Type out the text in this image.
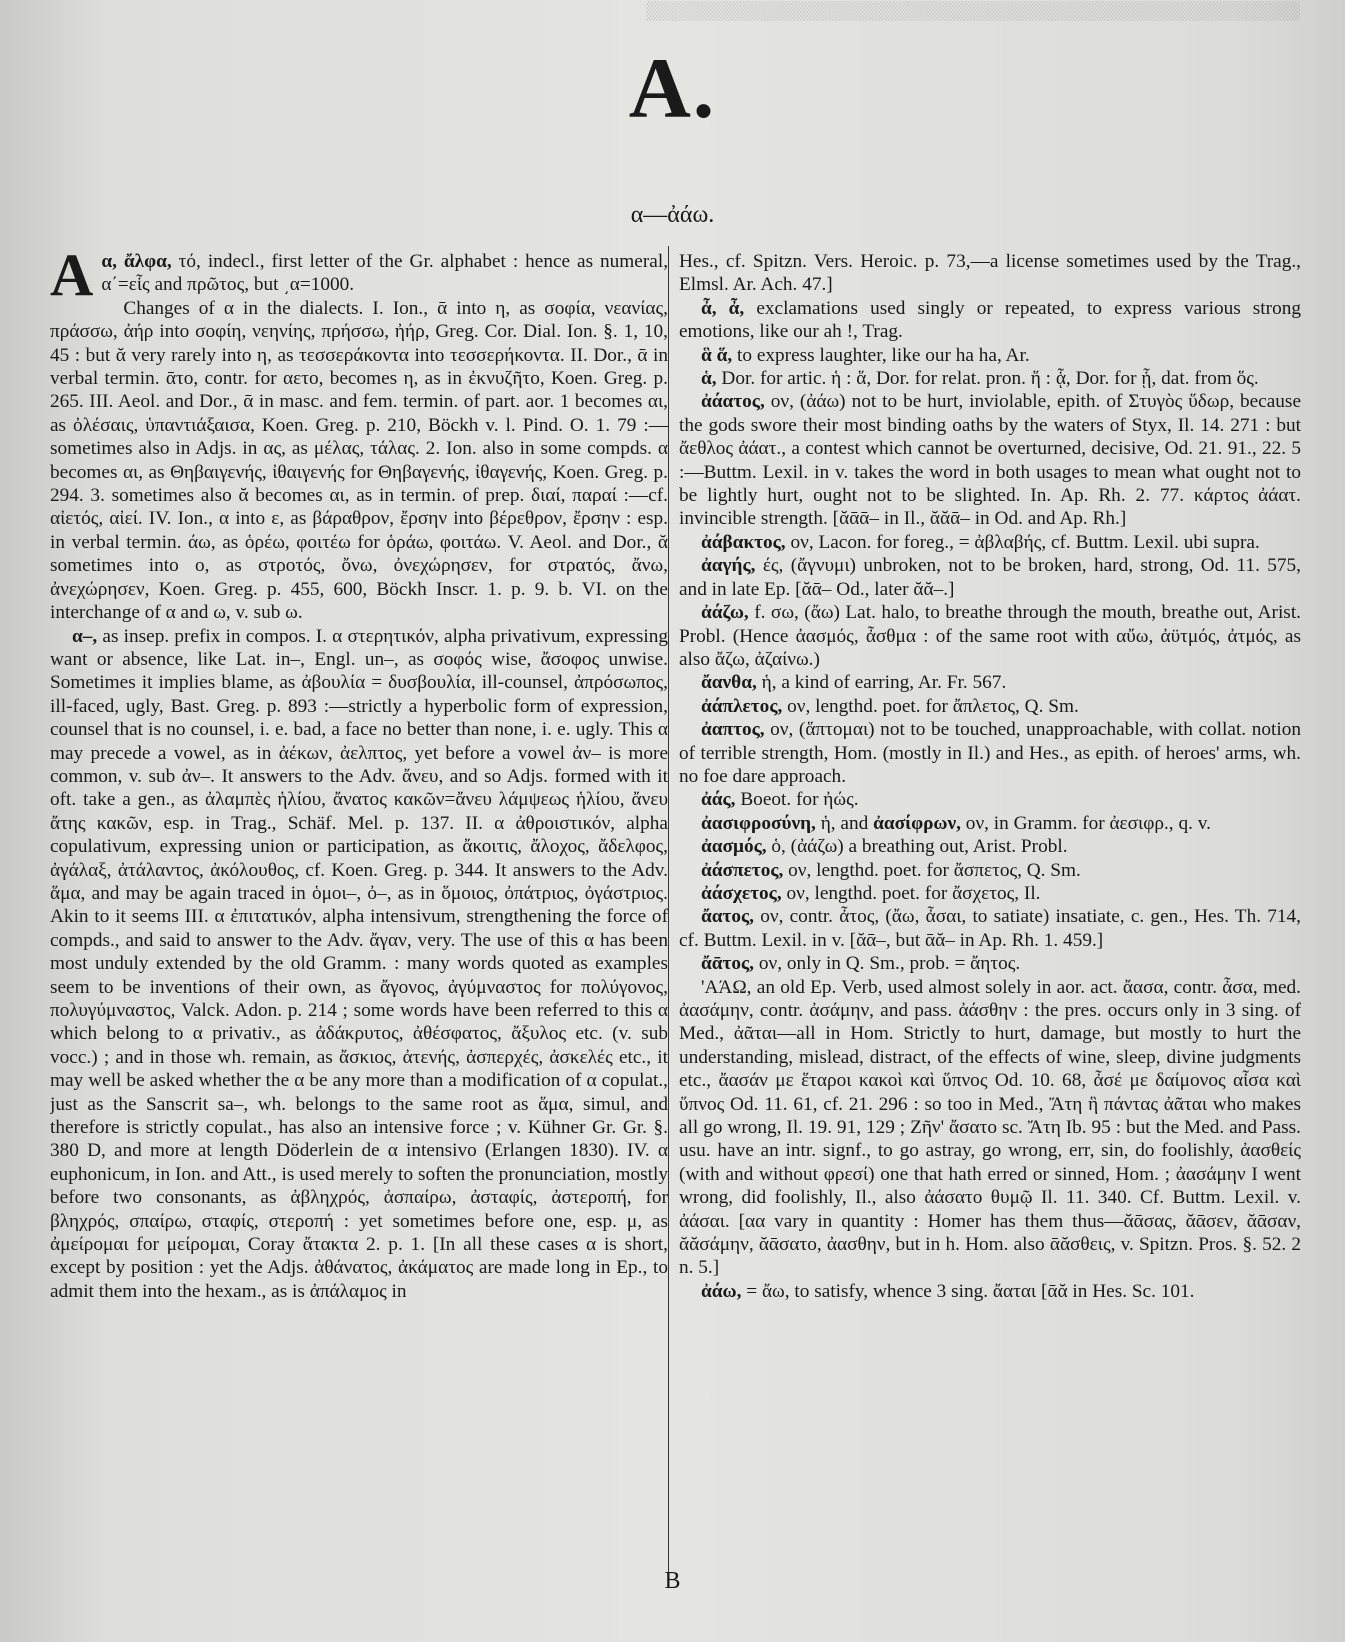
▒▒▒▒▒▒▒▒▒▒▒▒▒▒▒▒▒▒▒▒▒▒▒▒▒▒▒▒▒▒▒▒▒▒▒▒▒▒▒▒▒▒▒▒▒▒▒▒▒▒
A.
α—ἀάω.

A α, ἄλφα, τό, indecl., first letter of the Gr. alphabet : hence as numeral, α΄=εἷς and πρῶτος, but ͵α=1000.

Changes of α in the dialects. I. Ion., ᾱ into η, as σοφία, νεανίας, πράσσω, ἀήρ into σοφίη, νεηνίης, πρήσσω, ἠήρ, Greg. Cor. Dial. Ion. §. 1, 10, 45 : but ᾰ very rarely into η, as τεσσεράκοντα into τεσσερήκοντα. II. Dor., ᾱ in verbal termin. ᾱτο, contr. for αετο, becomes η, as in ἐκνυζῆτο, Koen. Greg. p. 265. III. Aeol. and Dor., ᾱ in masc. and fem. termin. of part. aor. 1 becomes αι, as ὀλέσαις, ὑπαντιάξαισα, Koen. Greg. p. 210, Böckh v. l. Pind. O. 1. 79 :—sometimes also in Adjs. in ας, as μέλας, τάλας. 2. Ion. also in some compds. α becomes αι, as Θηβαιγενής, ἰθαιγενής for Θηβαγενής, ἰθαγενής, Koen. Greg. p. 294. 3. sometimes also ᾰ becomes αι, as in termin. of prep. διαί, παραί :—cf. αἰετός, αἰεί. IV. Ion., α into ε, as βάραθρον, ἔρσην into βέρεθρον, ἔρσην : esp. in verbal termin. άω, as ὁρέω, φοιτέω for ὁράω, φοιτάω. V. Aeol. and Dor., ᾰ sometimes into ο, as στροτός, ὄνω, ὀνεχώρησεν, for στρατός, ἄνω, ἀνεχώρησεν, Koen. Greg. p. 455, 600, Böckh Inscr. 1. p. 9. b. VI. on the interchange of α and ω, v. sub ω.

α–, as insep. prefix in compos. I. α στερητικόν, alpha privativum, expressing want or absence, like Lat. in–, Engl. un–, as σοφός wise, ἄσοφος unwise. Sometimes it implies blame, as ἀβουλία = δυσβουλία, ill-counsel, ἀπρόσωπος, ill-faced, ugly, Bast. Greg. p. 893 :—strictly a hyperbolic form of expression, counsel that is no counsel, i. e. bad, a face no better than none, i. e. ugly. This α may precede a vowel, as in ἀέκων, ἀελπτος, yet before a vowel ἀν– is more common, v. sub ἀν–. It answers to the Adv. ἄνευ, and so Adjs. formed with it oft. take a gen., as ἀλαμπὲς ἡλίου, ἄνατος κακῶν=ἄνευ λάμψεως ἡλίου, ἄνευ ἄτης κακῶν, esp. in Trag., Schäf. Mel. p. 137. II. α ἀθροιστικόν, alpha copulativum, expressing union or participation, as ἄκοιτις, ἄλοχος, ἄδελφος, ἀγάλαξ, ἀτάλαντος, ἀκόλουθος, cf. Koen. Greg. p. 344. It answers to the Adv. ἅμα, and may be again traced in ὁμοι–, ὀ–, as in ὅμοιος, ὀπάτριος, ὀγάστριος. Akin to it seems III. α ἐπιτατικόν, alpha intensivum, strengthening the force of compds., and said to answer to the Adv. ἄγαν, very. The use of this α has been most unduly extended by the old Gramm. : many words quoted as examples seem to be inventions of their own, as ἄγονος, ἀγύμναστος for πολύγονος, πολυγύμναστος, Valck. Adon. p. 214 ; some words have been referred to this α which belong to α privativ., as ἀδάκρυτος, ἀθέσφατος, ἄξυλος etc. (v. sub vocc.) ; and in those wh. remain, as ἄσκιος, ἀτενής, ἀσπερχές, ἀσκελές etc., it may well be asked whether the α be any more than a modification of α copulat., just as the Sanscrit sa–, wh. belongs to the same root as ἅμα, simul, and therefore is strictly copulat., has also an intensive force ; v. Kühner Gr. Gr. §. 380 D, and more at length Döderlein de α intensivo (Erlangen 1830). IV. α euphonicum, in Ion. and Att., is used merely to soften the pronunciation, mostly before two consonants, as ἀβληχρός, ἀσπαίρω, ἀσταφίς, ἀστεροπή, for βληχρός, σπαίρω, σταφίς, στεροπή : yet sometimes before one, esp. μ, as ἀμείρομαι for μείρομαι, Coray ἄτακτα 2. p. 1. [In all these cases α is short, except by position : yet the Adjs. ἀθάνατος, ἀκάματος are made long in Ep., to admit them into the hexam., as is ἀπάλαμος in

Hes., cf. Spitzn. Vers. Heroic. p. 73,—a license sometimes used by the Trag., Elmsl. Ar. Ach. 47.]

ἆ, ἆ, exclamations used singly or repeated, to express various strong emotions, like our ah !, Trag.

ἃ ἅ, to express laughter, like our ha ha, Ar.

ἁ, Dor. for artic. ἡ : ἅ, Dor. for relat. pron. ἥ : ᾇ, Dor. for ᾗ, dat. from ὅς.

ἀάατος, ον, (ἀάω) not to be hurt, inviolable, epith. of Στυγὸς ὕδωρ, because the gods swore their most binding oaths by the waters of Styx, Il. 14. 271 : but ἄεθλος ἀάατ., a contest which cannot be overturned, decisive, Od. 21. 91., 22. 5 :—Buttm. Lexil. in v. takes the word in both usages to mean what ought not to be lightly hurt, ought not to be slighted. In. Ap. Rh. 2. 77. κάρτος ἀάατ. invincible strength. [ᾰᾱᾱ– in Il., ᾰᾰᾱ– in Od. and Ap. Rh.]

ἀάβακτος, ον, Lacon. for foreg., = ἀβλαβής, cf. Buttm. Lexil. ubi supra.

ἀαγής, ές, (ἄγνυμι) unbroken, not to be broken, hard, strong, Od. 11. 575, and in late Ep. [ᾰᾱ– Od., later ᾰᾰ–.]

ἀάζω, f. σω, (ἄω) Lat. halo, to breathe through the mouth, breathe out, Arist. Probl. (Hence ἀασμός, ἆσθμα : of the same root with αὔω, ἀϋτμός, ἀτμός, as also ἄζω, ἀζαίνω.)

ἄανθα, ἡ, a kind of earring, Ar. Fr. 567.

ἀάπλετος, ον, lengthd. poet. for ἄπλετος, Q. Sm.

ἀαπτος, ον, (ἅπτομαι) not to be touched, unapproachable, with collat. notion of terrible strength, Hom. (mostly in Il.) and Hes., as epith. of heroes' arms, wh. no foe dare approach.

ἀάς, Boeot. for ἠώς.

ἀασιφροσύνη, ἡ, and ἀασίφρων, ον, in Gramm. for ἀεσιφρ., q. v.

ἀασμός, ὁ, (ἀάζω) a breathing out, Arist. Probl.

ἀάσπετος, ον, lengthd. poet. for ἄσπετος, Q. Sm.

ἀάσχετος, ον, lengthd. poet. for ἄσχετος, Il.

ἄατος, ον, contr. ἆτος, (ἄω, ἆσαι, to satiate) insatiate, c. gen., Hes. Th. 714, cf. Buttm. Lexil. in v. [ᾰᾱ–, but ᾱᾰ– in Ap. Rh. 1. 459.]

ἄᾱτος, ον, only in Q. Sm., prob. = ἄητος.

'ΑΆΩ, an old Ep. Verb, used almost solely in aor. act. ἄασα, contr. ἆσα, med. ἀασάμην, contr. ἀσάμην, and pass. ἀάσθην : the pres. occurs only in 3 sing. of Med., ἀᾶται—all in Hom. Strictly to hurt, damage, but mostly to hurt the understanding, mislead, distract, of the effects of wine, sleep, divine judgments etc., ἄασάν με ἕταροι κακοὶ καὶ ὕπνος Od. 10. 68, ἆσέ με δαίμονος αἶσα καὶ ὕπνος Od. 11. 61, cf. 21. 296 : so too in Med., Ἄτη ἣ πάντας ἀᾶται who makes all go wrong, Il. 19. 91, 129 ; Ζῆν' ἄσατο sc. Ἄτη Ib. 95 : but the Med. and Pass. usu. have an intr. signf., to go astray, go wrong, err, sin, do foolishly, ἀασθείς (with and without φρεσί) one that hath erred or sinned, Hom. ; ἀασάμην I went wrong, did foolishly, Il., also ἀάσατο θυμῷ Il. 11. 340. Cf. Buttm. Lexil. v. ἀάσαι. [αα vary in quantity : Homer has them thus—ᾰᾱσας, ᾰᾱσεν, ᾰᾱσαν, ᾰᾰσάμην, ᾰᾱσατο, ἀασθην, but in h. Hom. also ᾱᾰσθεις, v. Spitzn. Pros. §. 52. 2 n. 5.]

ἀάω, = ἄω, to satisfy, whence 3 sing. ἄαται [ᾱᾰ in Hes. Sc. 101.

B
